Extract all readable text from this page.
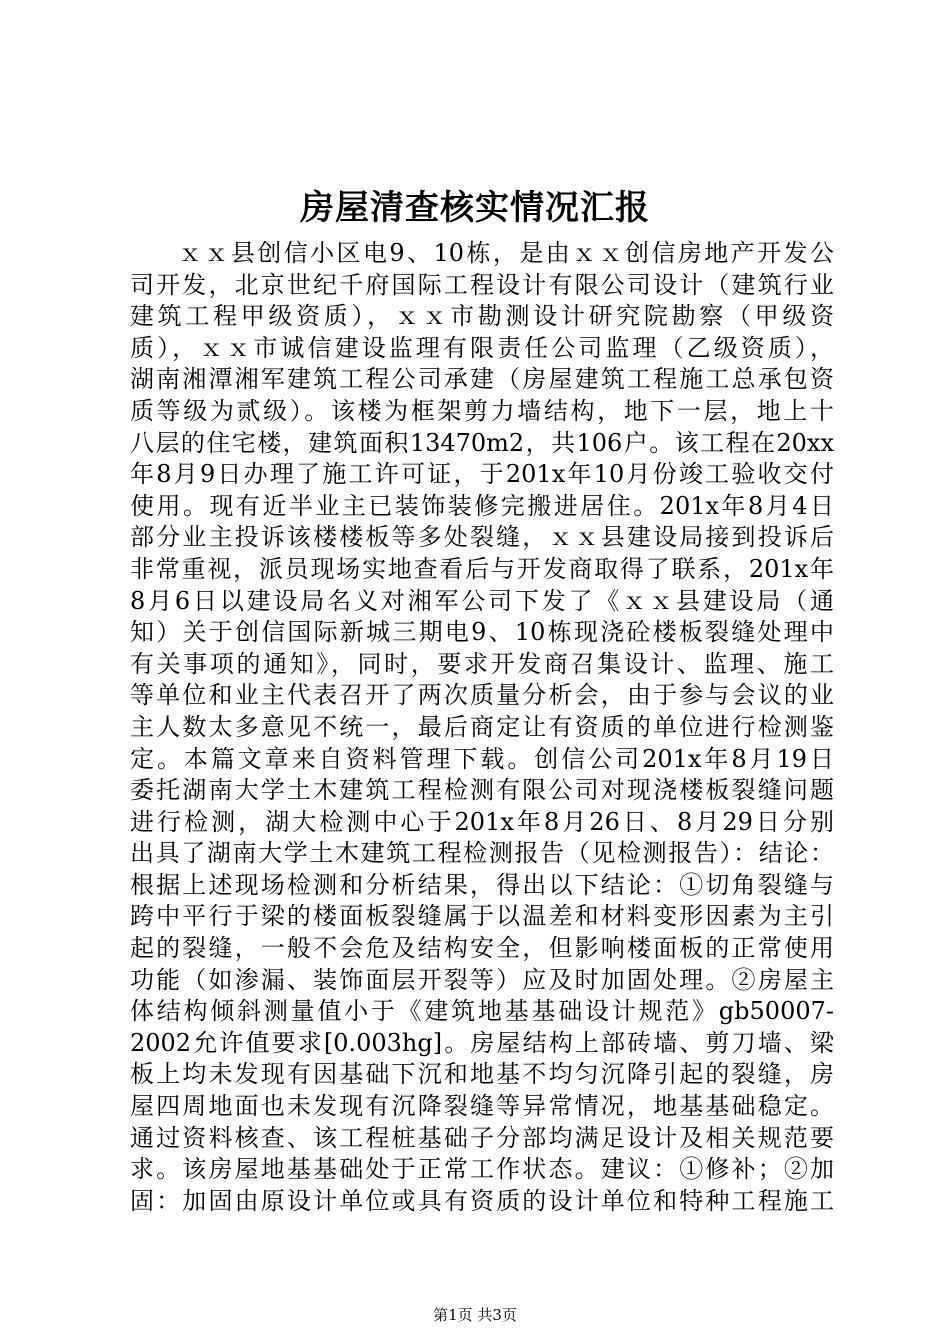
房屋清查核实情况汇报
ｘｘ县创信小区电9、10栋，是由ｘｘ创信房地产开发公
司开发，北京世纪千府国际工程设计有限公司设计（建筑行业
建筑工程甲级资质），ｘｘ市勘测设计研究院勘察（甲级资
质），ｘｘ市诚信建设监理有限责任公司监理（乙级资质），
湖南湘潭湘军建筑工程公司承建（房屋建筑工程施工总承包资
质等级为贰级）。该楼为框架剪力墙结构，地下一层，地上十
八层的住宅楼，建筑面积13470m2，共106户。该工程在20xx
年8月9日办理了施工许可证，于201x年10月份竣工验收交付
使用。现有近半业主已装饰装修完搬进居住。201x年8月4日
部分业主投诉该楼楼板等多处裂缝，ｘｘ县建设局接到投诉后
非常重视，派员现场实地查看后与开发商取得了联系，201x年
8月6日以建设局名义对湘军公司下发了《ｘｘ县建设局（通
知）关于创信国际新城三期电9、10栋现浇砼楼板裂缝处理中
有关事项的通知》，同时，要求开发商召集设计、监理、施工
等单位和业主代表召开了两次质量分析会，由于参与会议的业
主人数太多意见不统一，最后商定让有资质的单位进行检测鉴
定。本篇文章来自资料管理下载。创信公司201x年8月19日
委托湖南大学土木建筑工程检测有限公司对现浇楼板裂缝问题
进行检测，湖大检测中心于201x年8月26日、8月29日分别
出具了湖南大学土木建筑工程检测报告（见检测报告）：结论：
根据上述现场检测和分析结果，得出以下结论：①切角裂缝与
跨中平行于梁的楼面板裂缝属于以温差和材料变形因素为主引
起的裂缝，一般不会危及结构安全，但影响楼面板的正常使用
功能（如渗漏、装饰面层开裂等）应及时加固处理。②房屋主
体结构倾斜测量值小于《建筑地基基础设计规范》gb50007-
2002允许值要求[0.003hg]。房屋结构上部砖墙、剪刀墙、梁
板上均未发现有因基础下沉和地基不均匀沉降引起的裂缝，房
屋四周地面也未发现有沉降裂缝等异常情况，地基基础稳定。
通过资料核查、该工程桩基础子分部均满足设计及相关规范要
求。该房屋地基基础处于正常工作状态。建议：①修补；②加
固：加固由原设计单位或具有资质的设计单位和特种工程施工
第1页 共3页
